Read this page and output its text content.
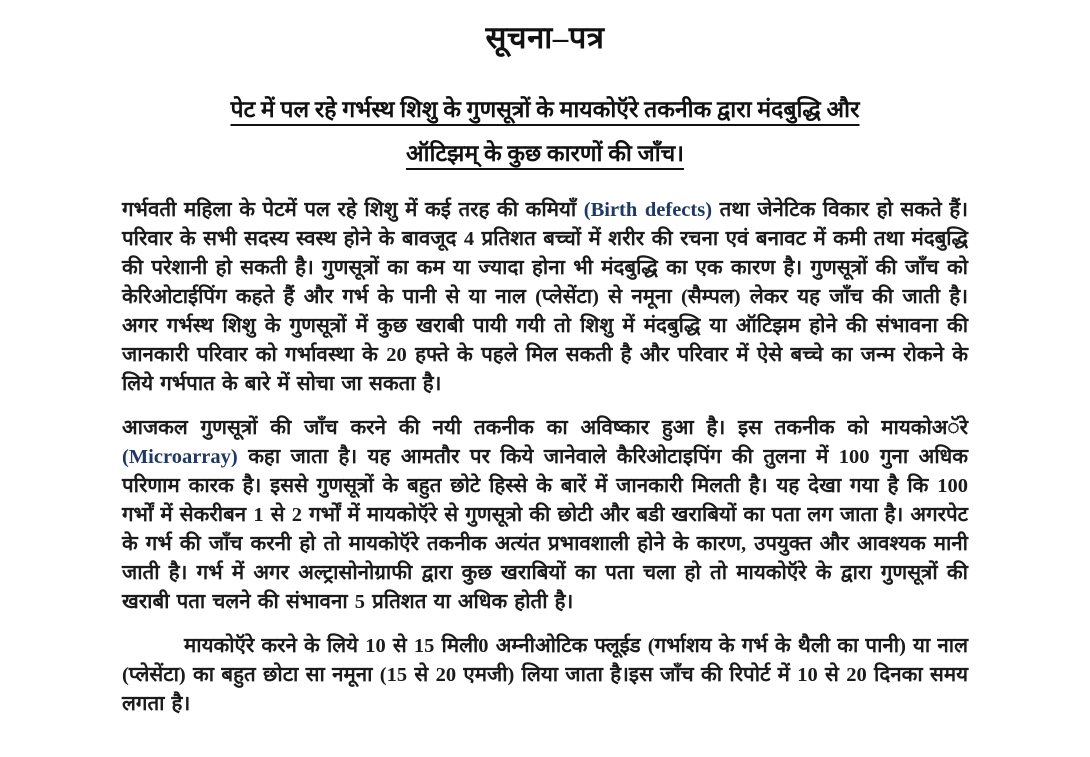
सूचना–पत्र
पेट में पल रहे गर्भस्थ शिशु के गुणसूत्रों के मायकोऍरे तकनीक द्वारा मंदबुद्धि और
ऑटिझम् के कुछ कारणों की जाँच।

गर्भवती महिला के पेटमें पल रहे शिशु में कई तरह की कमियाँ (Birth defects) तथा जेनेटिक विकार हो सकते हैं। परिवार के सभी सदस्य स्वस्थ होने के बावजूद 4 प्रतिशत बच्चों में शरीर की रचना एवं बनावट में कमी तथा मंदबुद्धि की परेशानी हो सकती है। गुणसूत्रों का कम या ज्यादा होना भी मंदबुद्धि का एक कारण है। गुणसूत्रों की जाँच को केरिओटाईपिंग कहते हैं और गर्भ के पानी से या नाल (प्लेसेंटा) से नमूना (सैम्पल) लेकर यह जाँच की जाती है। अगर गर्भस्थ शिशु के गुणसूत्रों में कुछ खराबी पायी गयी तो शिशु में मंदबुद्धि या ऑटिझम होने की संभावना की जानकारी परिवार को गर्भावस्था के 20 हफ्ते के पहले मिल सकती है और परिवार में ऐसे बच्चे का जन्म रोकने के लिये गर्भपात के बारे में सोचा जा सकता है।

आजकल गुणसूत्रों की जाँच करने की नयी तकनीक का अविष्कार हुआ है। इस तकनीक को मायकोअॅरे (Microarray) कहा जाता है। यह आमतौर पर किये जानेवाले कैरिओटाइपिंग की तुलना में 100 गुना अधिक परिणाम कारक है। इससे गुणसूत्रों के बहुत छोटे हिस्से के बारें में जानकारी मिलती है। यह देखा गया है कि 100 गर्भों में सेकरीबन 1 से 2 गर्भों में मायकोऍरे से गुणसूत्रो की छोटी और बडी खराबियों का पता लग जाता है। अगरपेट के गर्भ की जाँच करनी हो तो मायकोऍरे तकनीक अत्यंत प्रभावशाली होने के कारण, उपयुक्त और आवश्यक मानी जाती है। गर्भ में अगर अल्ट्रासोनोग्राफी द्वारा कुछ खराबियों का पता चला हो तो मायकोऍरे के द्वारा गुणसूत्रों की खराबी पता चलने की संभावना 5 प्रतिशत या अधिक होती है।

मायकोऍरे करने के लिये 10 से 15 मिली0 अम्नीओटिक फ्लूईड (गर्भाशय के गर्भ के थैली का पानी) या नाल (प्लेसेंटा) का बहुत छोटा सा नमूना (15 से 20 एमजी) लिया जाता है।इस जाँच की रिपोर्ट में 10 से 20 दिनका समय लगता है।
